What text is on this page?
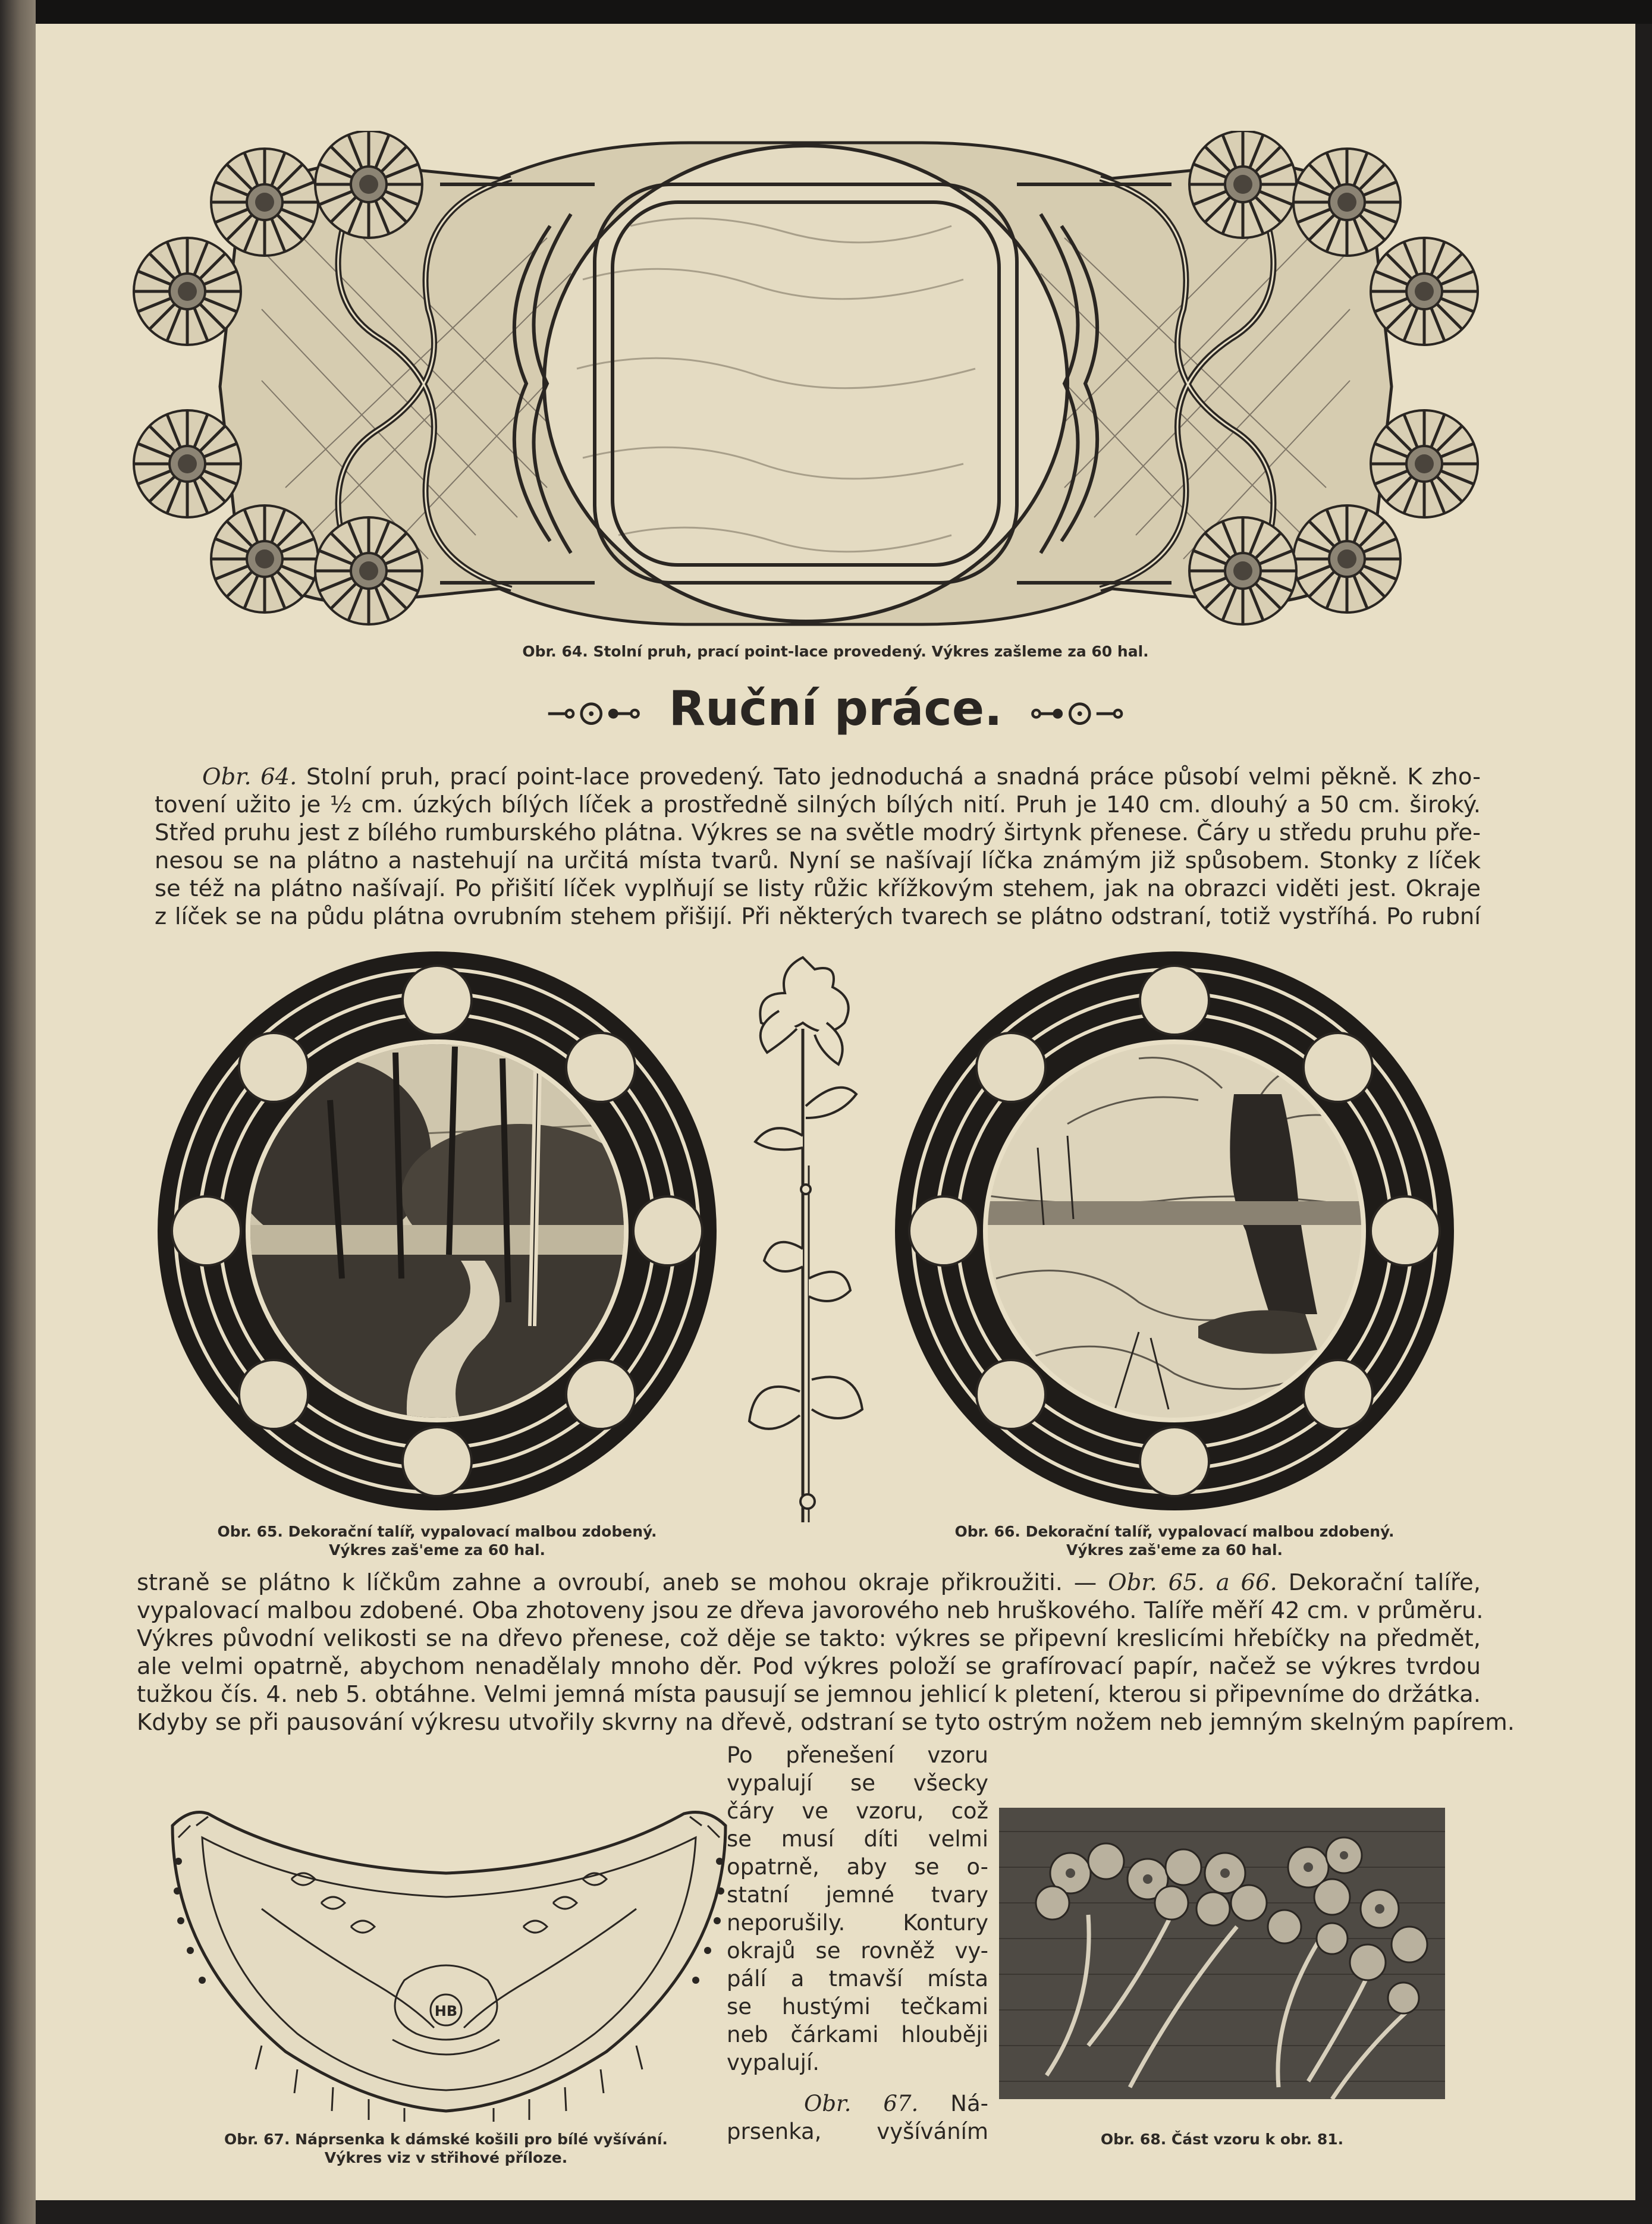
Obr. 64. Stolní pruh, prací point-lace provedený. Výkres zašleme za 60 hal.
⊸⊙⊷ Ruční práce. ⊶⊙⊸
Obr. 64. Stolní pruh, prací point-lace provedený. Tato jednoduchá a snadná práce působí velmi pěkně. K zho-
tovení užito je ½ cm. úzkých bílých líček a prostředně silných bílých nití. Pruh je 140 cm. dlouhý a 50 cm. široký.
Střed pruhu jest z bílého rumburského plátna. Výkres se na světle modrý širtynk přenese. Čáry u středu pruhu pře-
nesou se na plátno a nastehují na určitá místa tvarů. Nyní se našívají líčka známým již spůsobem. Stonky z líček
se též na plátno našívají. Po přišití líček vyplňují se listy růžic křížkovým stehem, jak na obrazci viděti jest. Okraje
z líček se na půdu plátna ovrubním stehem přišijí. Při některých tvarech se plátno odstraní, totiž vystříhá. Po rubní
Obr. 65. Dekorační talíř, vypalovací malbou zdobený.
Výkres zaš'eme za 60 hal.
Obr. 66. Dekorační talíř, vypalovací malbou zdobený.
Výkres zaš'eme za 60 hal.
straně se plátno k líčkům zahne a ovroubí, aneb se mohou okraje přikroužiti. — Obr. 65. a 66. Dekorační talíře,
vypalovací malbou zdobené. Oba zhotoveny jsou ze dřeva javorového neb hruškového. Talíře měří 42 cm. v průměru.
Výkres původní velikosti se na dřevo přenese, což děje se takto: výkres se připevní kreslicími hřebíčky na předmět,
ale velmi opatrně, abychom nenadělaly mnoho děr. Pod výkres položí se grafírovací papír, načež se výkres tvrdou
tužkou čís. 4. neb 5. obtáhne. Velmi jemná místa pausují se jemnou jehlicí k pletení, kterou si připevníme do držátka.
Kdyby se při pausování výkresu utvořily skvrny na dřevě, odstraní se tyto ostrým nožem neb jemným skelným papírem.
HB
Obr. 67. Náprsenka k dámské košili pro bílé vyšívání.
Výkres viz v střihové příloze.
Po přenešení vzoru
vypalují se všecky
čáry ve vzoru, což
se musí díti velmi
opatrně, aby se o-
statní jemné tvary
neporušily. Kontury
okrajů se rovněž vy-
pálí a tmavší místa
se hustými tečkami
neb čárkami hlouběji
vypalují.
Obr. 67. Ná-
prsenka, vyšíváním	Obr. 68. Část vzoru k obr. 81.
